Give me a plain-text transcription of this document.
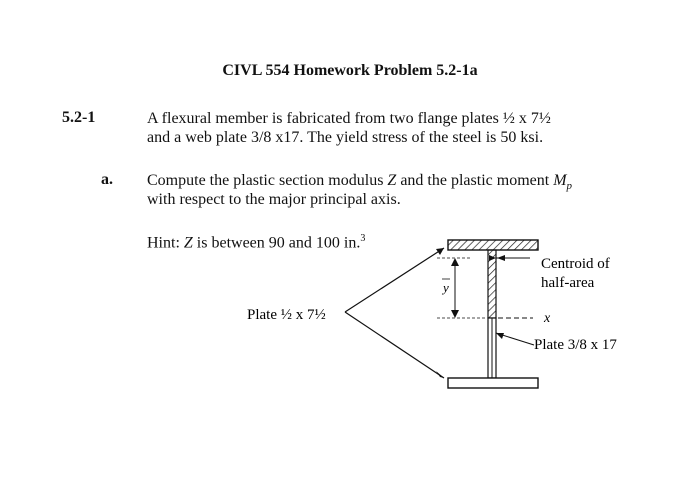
CIVL 554 Homework Problem 5.2-1a
5.2-1	A flexural member is fabricated from two flange plates ½ x 7½
and a web plate 3/8 x17. The yield stress of the steel is 50 ksi.
a. Compute the plastic section modulus Z and the plastic moment $M_p$
with respect to the major principal axis.
Hint: Z is between 90 and 100 in.$^3$
y
x
Centroid of
half-area
Plate 3/8 x 17
Plate ½ x 7½
